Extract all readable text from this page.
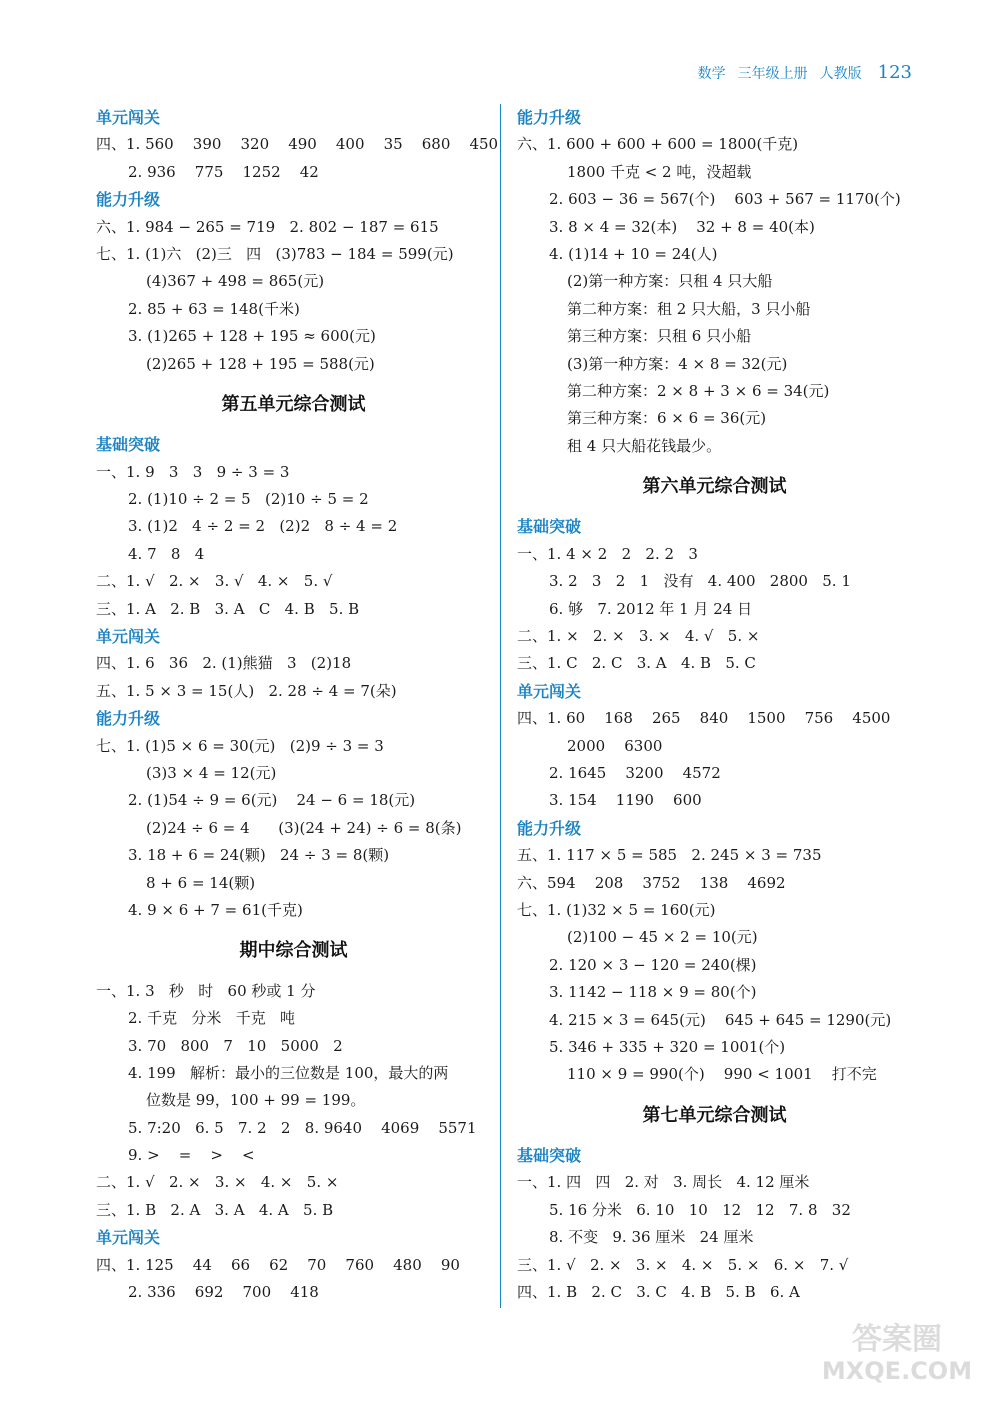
数学 三年级上册 人教版 123
单元闯关
四、1. 560    390    320    490    400    35    680    450
2. 936    775    1252    42
能力升级
六、1. 984 − 265 = 719   2. 802 − 187 = 615
七、1. (1)六   (2)三   四   (3)783 − 184 = 599(元)
(4)367 + 498 = 865(元)
2. 85 + 63 = 148(千米)
3. (1)265 + 128 + 195 ≈ 600(元)
(2)265 + 128 + 195 = 588(元)
第五单元综合测试
基础突破
一、1. 9   3   3   9 ÷ 3 = 3
2. (1)10 ÷ 2 = 5   (2)10 ÷ 5 = 2
3. (1)2   4 ÷ 2 = 2   (2)2   8 ÷ 4 = 2
4. 7   8   4
二、1. √   2. ×   3. √   4. ×   5. √
三、1. A   2. B   3. A   C   4. B   5. B
单元闯关
四、1. 6   36   2. (1)熊猫   3   (2)18
五、1. 5 × 3 = 15(人)   2. 28 ÷ 4 = 7(朵)
能力升级
七、1. (1)5 × 6 = 30(元)   (2)9 ÷ 3 = 3
(3)3 × 4 = 12(元)
2. (1)54 ÷ 9 = 6(元)    24 − 6 = 18(元)
(2)24 ÷ 6 = 4      (3)(24 + 24) ÷ 6 = 8(条)
3. 18 + 6 = 24(颗)   24 ÷ 3 = 8(颗)
8 + 6 = 14(颗)
4. 9 × 6 + 7 = 61(千克)
期中综合测试
一、1. 3   秒   时   60 秒或 1 分
2. 千克   分米   千克   吨
3. 70   800   7   10   5000   2
4. 199   解析：最小的三位数是 100，最大的两
位数是 99，100 + 99 = 199。
5. 7:20   6. 5   7. 2   2   8. 9640    4069    5571
9. >    =    >    <
二、1. √   2. ×   3. ×   4. ×   5. ×
三、1. B   2. A   3. A   4. A   5. B
单元闯关
四、1. 125    44    66    62    70    760    480    90
2. 336    692    700    418
能力升级
六、1. 600 + 600 + 600 = 1800(千克)
1800 千克 < 2 吨，没超载
2. 603 − 36 = 567(个)    603 + 567 = 1170(个)
3. 8 × 4 = 32(本)    32 + 8 = 40(本)
4. (1)14 + 10 = 24(人)
(2)第一种方案：只租 4 只大船
第二种方案：租 2 只大船，3 只小船
第三种方案：只租 6 只小船
(3)第一种方案：4 × 8 = 32(元)
第二种方案：2 × 8 + 3 × 6 = 34(元)
第三种方案：6 × 6 = 36(元)
租 4 只大船花钱最少。
第六单元综合测试
基础突破
一、1. 4 × 2   2   2. 2   3
3. 2   3   2   1   没有   4. 400   2800   5. 1
6. 够   7. 2012 年 1 月 24 日
二、1. ×   2. ×   3. ×   4. √   5. ×
三、1. C   2. C   3. A   4. B   5. C
单元闯关
四、1. 60    168    265    840    1500    756    4500
2000    6300
2. 1645    3200    4572
3. 154    1190    600
能力升级
五、1. 117 × 5 = 585   2. 245 × 3 = 735
六、594    208    3752    138    4692
七、1. (1)32 × 5 = 160(元)
(2)100 − 45 × 2 = 10(元)
2. 120 × 3 − 120 = 240(棵)
3. 1142 − 118 × 9 = 80(个)
4. 215 × 3 = 645(元)    645 + 645 = 1290(元)
5. 346 + 335 + 320 = 1001(个)
110 × 9 = 990(个)    990 < 1001    打不完
第七单元综合测试
基础突破
一、1. 四   四   2. 对   3. 周长   4. 12 厘米
5. 16 分米   6. 10   10   12   12   7. 8   32
8. 不变   9. 36 厘米   24 厘米
三、1. √   2. ×   3. ×   4. ×   5. ×   6. ×   7. √
四、1. B   2. C   3. C   4. B   5. B   6. A
答案圈
MXQE.COM
